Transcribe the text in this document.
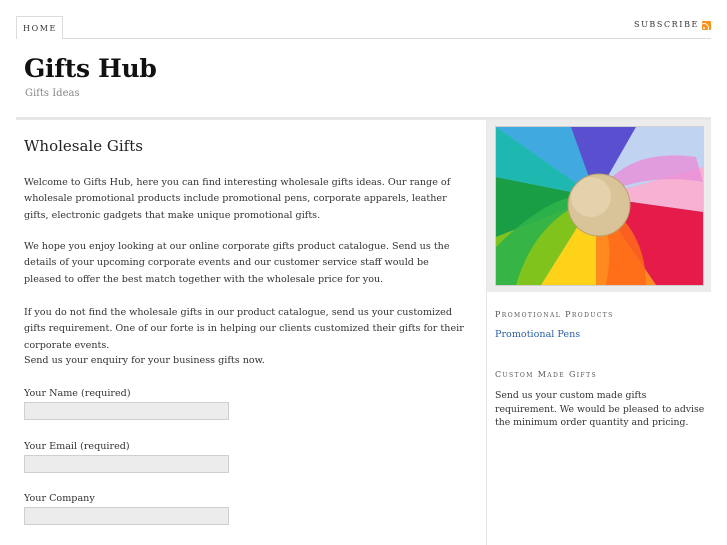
HOME	SUBSCRIBE
Gifts Hub
Gifts Ideas
Wholesale Gifts

Welcome to Gifts Hub, here you can find interesting wholesale gifts ideas. Our range of wholesale promotional products include promotional pens, corporate apparels, leather gifts, electronic gadgets that make unique promotional gifts.

We hope you enjoy looking at our online corporate gifts product catalogue. Send us the details of your upcoming corporate events and our customer service staff would be pleased to offer the best match together with the wholesale price for you.

If you do not find the wholesale gifts in our product catalogue, send us your customized gifts requirement. One of our forte is in helping our clients customized their gifts for their corporate events.

Send us your enquiry for your business gifts now.

Your Name (required)
Your Email (required)
Your Company
Promotional Products
Promotional Pens
Custom Made Gifts

Send us your custom made gifts requirement. We would be pleased to advise the minimum order quantity and pricing.
